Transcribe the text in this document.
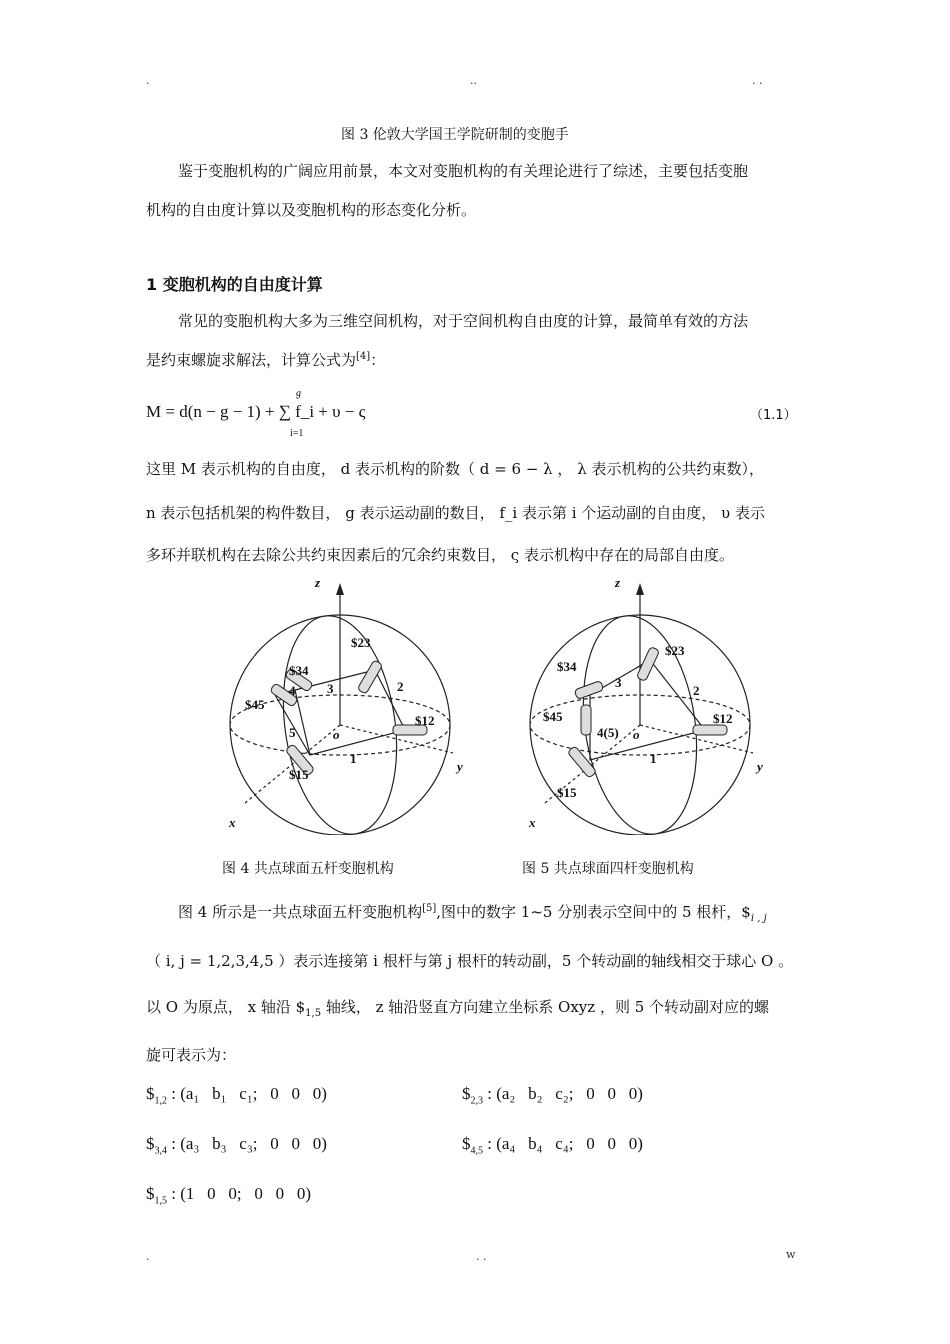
.	..	. .
图 3 伦敦大学国王学院研制的变胞手
鉴于变胞机构的广阔应用前景，本文对变胞机构的有关理论进行了综述，主要包括变胞
机构的自由度计算以及变胞机构的形态变化分析。
1 变胞机构的自由度计算
常见的变胞机构大多为三维空间机构，对于空间机构自由度的计算，最简单有效的方法
是约束螺旋求解法，计算公式为[4]：
M = d(n − g − 1) + ∑ f_i + υ − ς
g
i=1
（1.1）
这里 M 表示机构的自由度， d 表示机构的阶数（ d = 6 − λ ， λ 表示机构的公共约束数），
n 表示包括机架的构件数目， g 表示运动副的数目， f_i 表示第 i 个运动副的自由度， υ 表示
多环并联机构在去除公共约束因素后的冗余约束数目， ς 表示机构中存在的局部自由度。
z
x
y
o
$23
$34
$45
$12
$15
1
2
3
4
5
z
x
y
o
$23
$34
$45	$12
$15
1
2
3
4(5)
图 4 共点球面五杆变胞机构	图 5 共点球面四杆变胞机构
图 4 所示是一共点球面五杆变胞机构[5],图中的数字 1~5 分别表示空间中的 5 根杆，$\$_{i , j}$
（ i, j = 1,2,3,4,5 ）表示连接第 i 根杆与第 j 根杆的转动副，5 个转动副的轴线相交于球心 O 。
以 O 为原点， x 轴沿 $\$_{1,5}$ 轴线， z 轴沿竖直方向建立坐标系 Oxyz ，则 5 个转动副对应的螺
旋可表示为：
$\$_{1,2}$ : (a₁   b₁   c₁;   0   0   0)	$\$_{2,3}$ : (a₂   b₂   c₂;   0   0   0)
$\$_{3,4}$ : (a₃   b₃   c₃;   0   0   0)	$\$_{4,5}$ : (a₄   b₄   c₄;   0   0   0)
$\$_{1,5}$ : (1   0   0;   0   0   0)
.	. .	w
